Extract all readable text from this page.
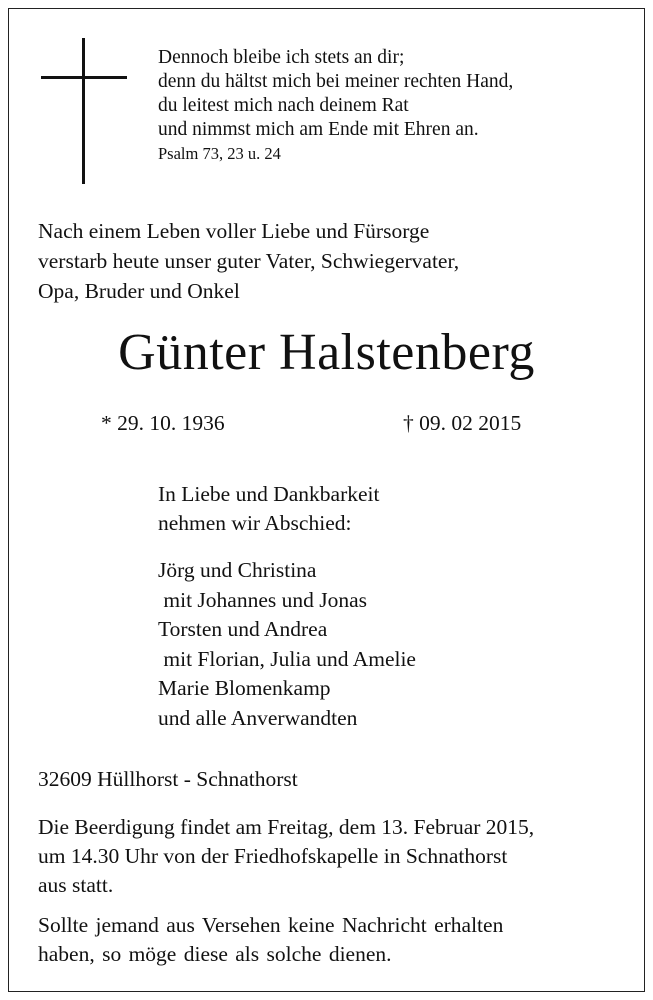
Dennoch bleibe ich stets an dir;
denn du hältst mich bei meiner rechten Hand,
du leitest mich nach deinem Rat
und nimmst mich am Ende mit Ehren an.
Psalm 73, 23 u. 24
Nach einem Leben voller Liebe und Fürsorge
verstarb heute unser guter Vater, Schwiegervater,
Opa, Bruder und Onkel
Günter Halstenberg
* 29. 10. 1936	† 09. 02 2015
In Liebe und Dankbarkeit
nehmen wir Abschied:
Jörg und Christina
mit Johannes und Jonas
Torsten und Andrea
mit Florian, Julia und Amelie
Marie Blomenkamp
und alle Anverwandten
32609 Hüllhorst - Schnathorst
Die Beerdigung findet am Freitag, dem 13. Februar 2015,
um 14.30 Uhr von der Friedhofskapelle in Schnathorst
aus statt.
Sollte jemand aus Versehen keine Nachricht erhalten
haben, so möge diese als solche dienen.
